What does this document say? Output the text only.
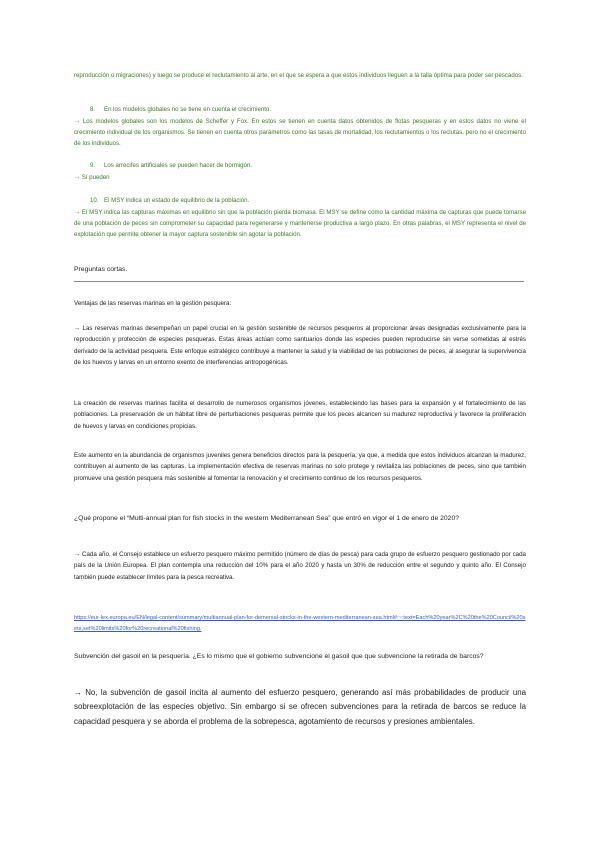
reproducción o migraciones) y luego se produce el reclutamiento al arte, en el que se espera a que estos individuos lleguen a la talla óptima para poder ser pescados.

8. En los modelos globales no se tiene en cuenta el crecimiento.

→ Los modelos globales son los modelos de Scheffer y Fox. En estos se tienen en cuenta datos obtenidos de flotas pesqueras y en estos datos no viene el crecimiento individual de los organismos. Se tienen en cuenta otros parámetros como las tasas de mortalidad, los reclutamientos o los reclutas, pero no el crecimiento de los individuos.

9. Los arrecifes artificiales se pueden hacer de hormigón.

→ Sí pueden

10. El MSY indica un estado de equilibrio de la población.

→ El MSY indica las capturas máximas en equilibrio sin que la población pierda biomasa. El MSY se define como la cantidad máxima de capturas que puede tomarse de una población de peces sin comprometer su capacidad para regenerarse y mantenerse productiva a largo plazo. En otras palabras, el MSY representa el nivel de explotación que permite obtener la mayor captura sostenible sin agotar la población.

Preguntas cortas.

Ventajas de las reservas marinas en la gestión pesquera:

→ Las reservas marinas desempeñan un papel crucial en la gestión sostenible de recursos pesqueros al proporcionar áreas designadas exclusivamente para la reproducción y protección de especies pesqueras. Estas áreas actúan como santuarios donde las especies pueden reproducirse sin verse sometidas al estrés derivado de la actividad pesquera. Este enfoque estratégico contribuye a mantener la salud y la viabilidad de las poblaciones de peces, al asegurar la supervivencia de los huevos y larvas en un entorno exento de interferencias antropogénicas.

La creación de reservas marinas facilita el desarrollo de numerosos organismos jóvenes, estableciendo las bases para la expansión y el fortalecimiento de las poblaciones. La preservación de un hábitat libre de perturbaciones pesqueras permite que los peces alcancen su madurez reproductiva y favorece la proliferación de huevos y larvas en condiciones propicias.

Este aumento en la abundancia de organismos juveniles genera beneficios directos para la pesquería, ya que, a medida que estos individuos alcanzan la madurez, contribuyen al aumento de las capturas. La implementación efectiva de reservas marinas no solo protege y revitaliza las poblaciones de peces, sino que también promueve una gestión pesquera más sostenible al fomentar la renovación y el crecimiento continuo de los recursos pesqueros.

¿Qué propone el “Multi-annual plan for fish stocks in the western Mediterranean Sea” que entró en vigor el 1 de enero de 2020?

→ Cada año, el Consejo establece un esfuerzo pesquero máximo permitido (número de días de pesca) para cada grupo de esfuerzo pesquero gestionado por cada país de la Unión Europea. El plan contempla una reducción del 10% para el año 2020 y hasta un 30% de reducción entre el segundo y quinto año. El Consejo también puede establecer límites para la pesca recreativa.

https://eur-lex.europa.eu/EN/legal-content/summary/multiannual-plan-for-demersal-stocks-in-the-western-mediterranean-sea.html#:~:text=Each%20year%2C%20the%20Council%20sets,set%20limits%20for%20recreational%20fishing.

Subvención del gasoil en la pesquería. ¿Es lo mismo que el gobierno subvencione el gasoil que que subvencione la retirada de barcos?

→ No, la subvención de gasoil incita al aumento del esfuerzo pesquero, generando así más probabilidades de producir una sobreexplotación de las especies objetivo. Sin embargo si se ofrecen subvenciones para la retirada de barcos se reduce la capacidad pesquera y se aborda el problema de la sobrepesca, agotamiento de recursos y presiones ambientales.
